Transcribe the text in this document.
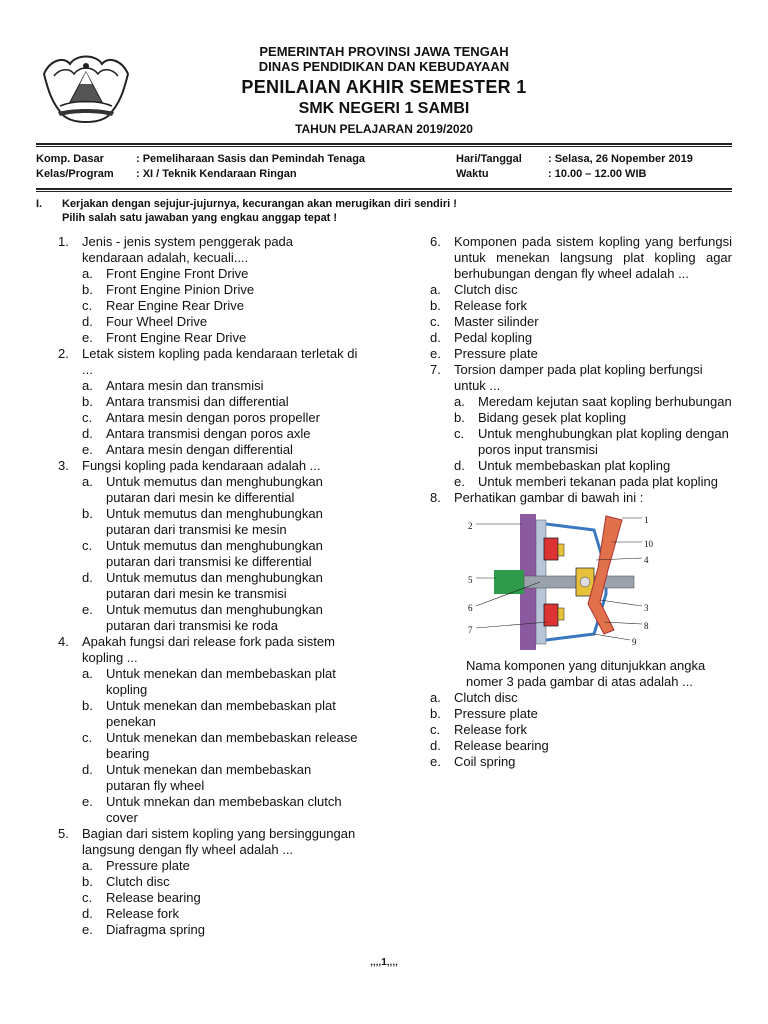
PEMERINTAH PROVINSI JAWA TENGAH
DINAS PENDIDIKAN DAN KEBUDAYAAN
PENILAIAN AKHIR SEMESTER 1
SMK NEGERI 1 SAMBI
TAHUN PELAJARAN 2019/2020
Komp. Dasar	: Pemeliharaan Sasis dan Pemindah Tenaga
Kelas/Program : XI / Teknik Kendaraan Ringan
Hari/Tanggal : Selasa, 26 Nopember 2019
Waktu	: 10.00 – 12.00 WIB
I. Kerjakan dengan sejujur-jujurnya, kecurangan akan merugikan diri sendiri !
Pilih salah satu jawaban yang engkau anggap tepat !
1. Jenis - jenis system penggerak pada kendaraan adalah, kecuali....
a. Front Engine Front Drive
b. Front Engine Pinion Drive
c. Rear Engine Rear Drive
d. Four Wheel Drive
e. Front Engine Rear Drive
2. Letak sistem kopling pada kendaraan terletak di ...
a. Antara mesin dan transmisi
b. Antara transmisi dan differential
c. Antara mesin dengan poros propeller
d. Antara transmisi dengan poros axle
e. Antara mesin dengan differential
3. Fungsi kopling pada kendaraan adalah ...
a. Untuk memutus dan menghubungkan putaran dari mesin ke differential
b. Untuk memutus dan menghubungkan putaran dari transmisi ke mesin
c. Untuk memutus dan menghubungkan putaran dari transmisi ke differential
d. Untuk memutus dan menghubungkan putaran dari mesin ke transmisi
e. Untuk memutus dan menghubungkan putaran dari transmisi ke roda
4. Apakah fungsi dari release fork pada sistem kopling ...
a. Untuk menekan dan membebaskan plat kopling
b. Untuk menekan dan membebaskan plat penekan
c. Untuk menekan dan membebaskan release bearing
d. Untuk menekan dan membebaskan putaran fly wheel
e. Untuk mnekan dan membebaskan clutch cover
5. Bagian dari sistem kopling yang bersinggungan langsung dengan fly wheel adalah ...
a. Pressure plate
b. Clutch disc
c. Release bearing
d. Release fork
e. Diafragma spring
6. Komponen pada sistem kopling yang berfungsi untuk menekan langsung plat kopling agar berhubungan dengan fly wheel adalah ...
a. Clutch disc
b. Release fork
c. Master silinder
d. Pedal kopling
e. Pressure plate
7. Torsion damper pada plat kopling berfungsi untuk ...
a. Meredam kejutan saat kopling berhubungan
b. Bidang gesek plat kopling
c. Untuk menghubungkan plat kopling dengan poros input transmisi
d. Untuk membebaskan plat kopling
e. Untuk memberi tekanan pada plat kopling
8. Perhatikan gambar di bawah ini :
2
5
6
7
1
10
4
3
8
9
Nama komponen yang ditunjukkan angka nomer 3 pada gambar di atas adalah ...
a. Clutch disc
b. Pressure plate
c. Release fork
d. Release bearing
e. Coil spring
‚‚‚‚1‚‚‚‚
